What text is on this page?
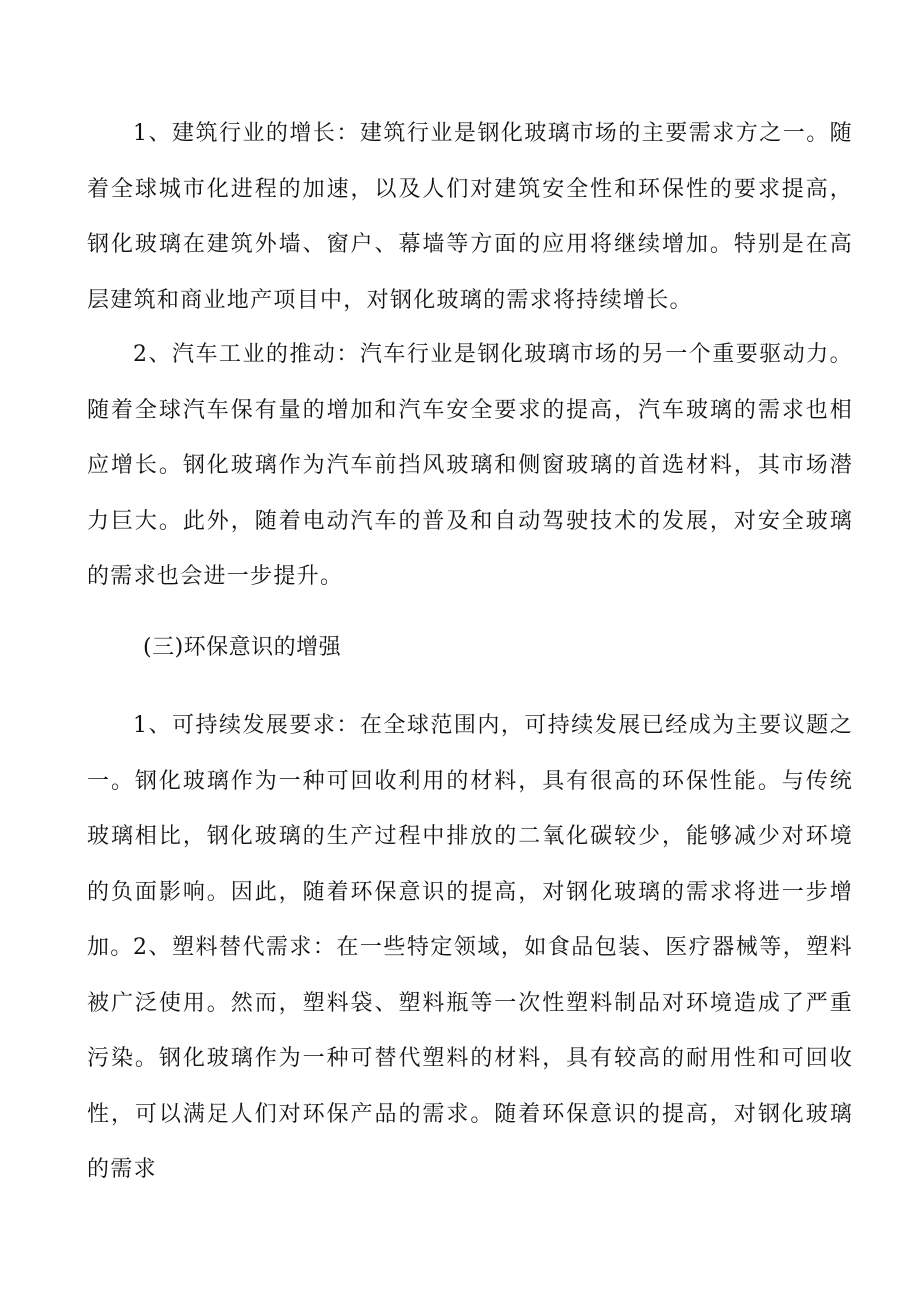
1、建筑行业的增长：建筑行业是钢化玻璃市场的主要需求方之一。随着全球城市化进程的加速，以及人们对建筑安全性和环保性的要求提高，钢化玻璃在建筑外墙、窗户、幕墙等方面的应用将继续增加。特别是在高层建筑和商业地产项目中，对钢化玻璃的需求将持续增长。

2、汽车工业的推动：汽车行业是钢化玻璃市场的另一个重要驱动力。随着全球汽车保有量的增加和汽车安全要求的提高，汽车玻璃的需求也相应增长。钢化玻璃作为汽车前挡风玻璃和侧窗玻璃的首选材料，其市场潜力巨大。此外，随着电动汽车的普及和自动驾驶技术的发展，对安全玻璃的需求也会进一步提升。

(三)环保意识的增强

1、可持续发展要求：在全球范围内，可持续发展已经成为主要议题之一。钢化玻璃作为一种可回收利用的材料，具有很高的环保性能。与传统玻璃相比，钢化玻璃的生产过程中排放的二氧化碳较少，能够减少对环境的负面影响。因此，随着环保意识的提高，对钢化玻璃的需求将进一步增加。 2、塑料替代需求：在一些特定领域，如食品包装、医疗器械等，塑料被广泛使用。然而，塑料袋、塑料瓶等一次性塑料制品对环境造成了严重污染。钢化玻璃作为一种可替代塑料的材料，具有较高的耐用性和可回收性，可以满足人们对环保产品的需求。随着环保意识的提高，对钢化玻璃的需求
